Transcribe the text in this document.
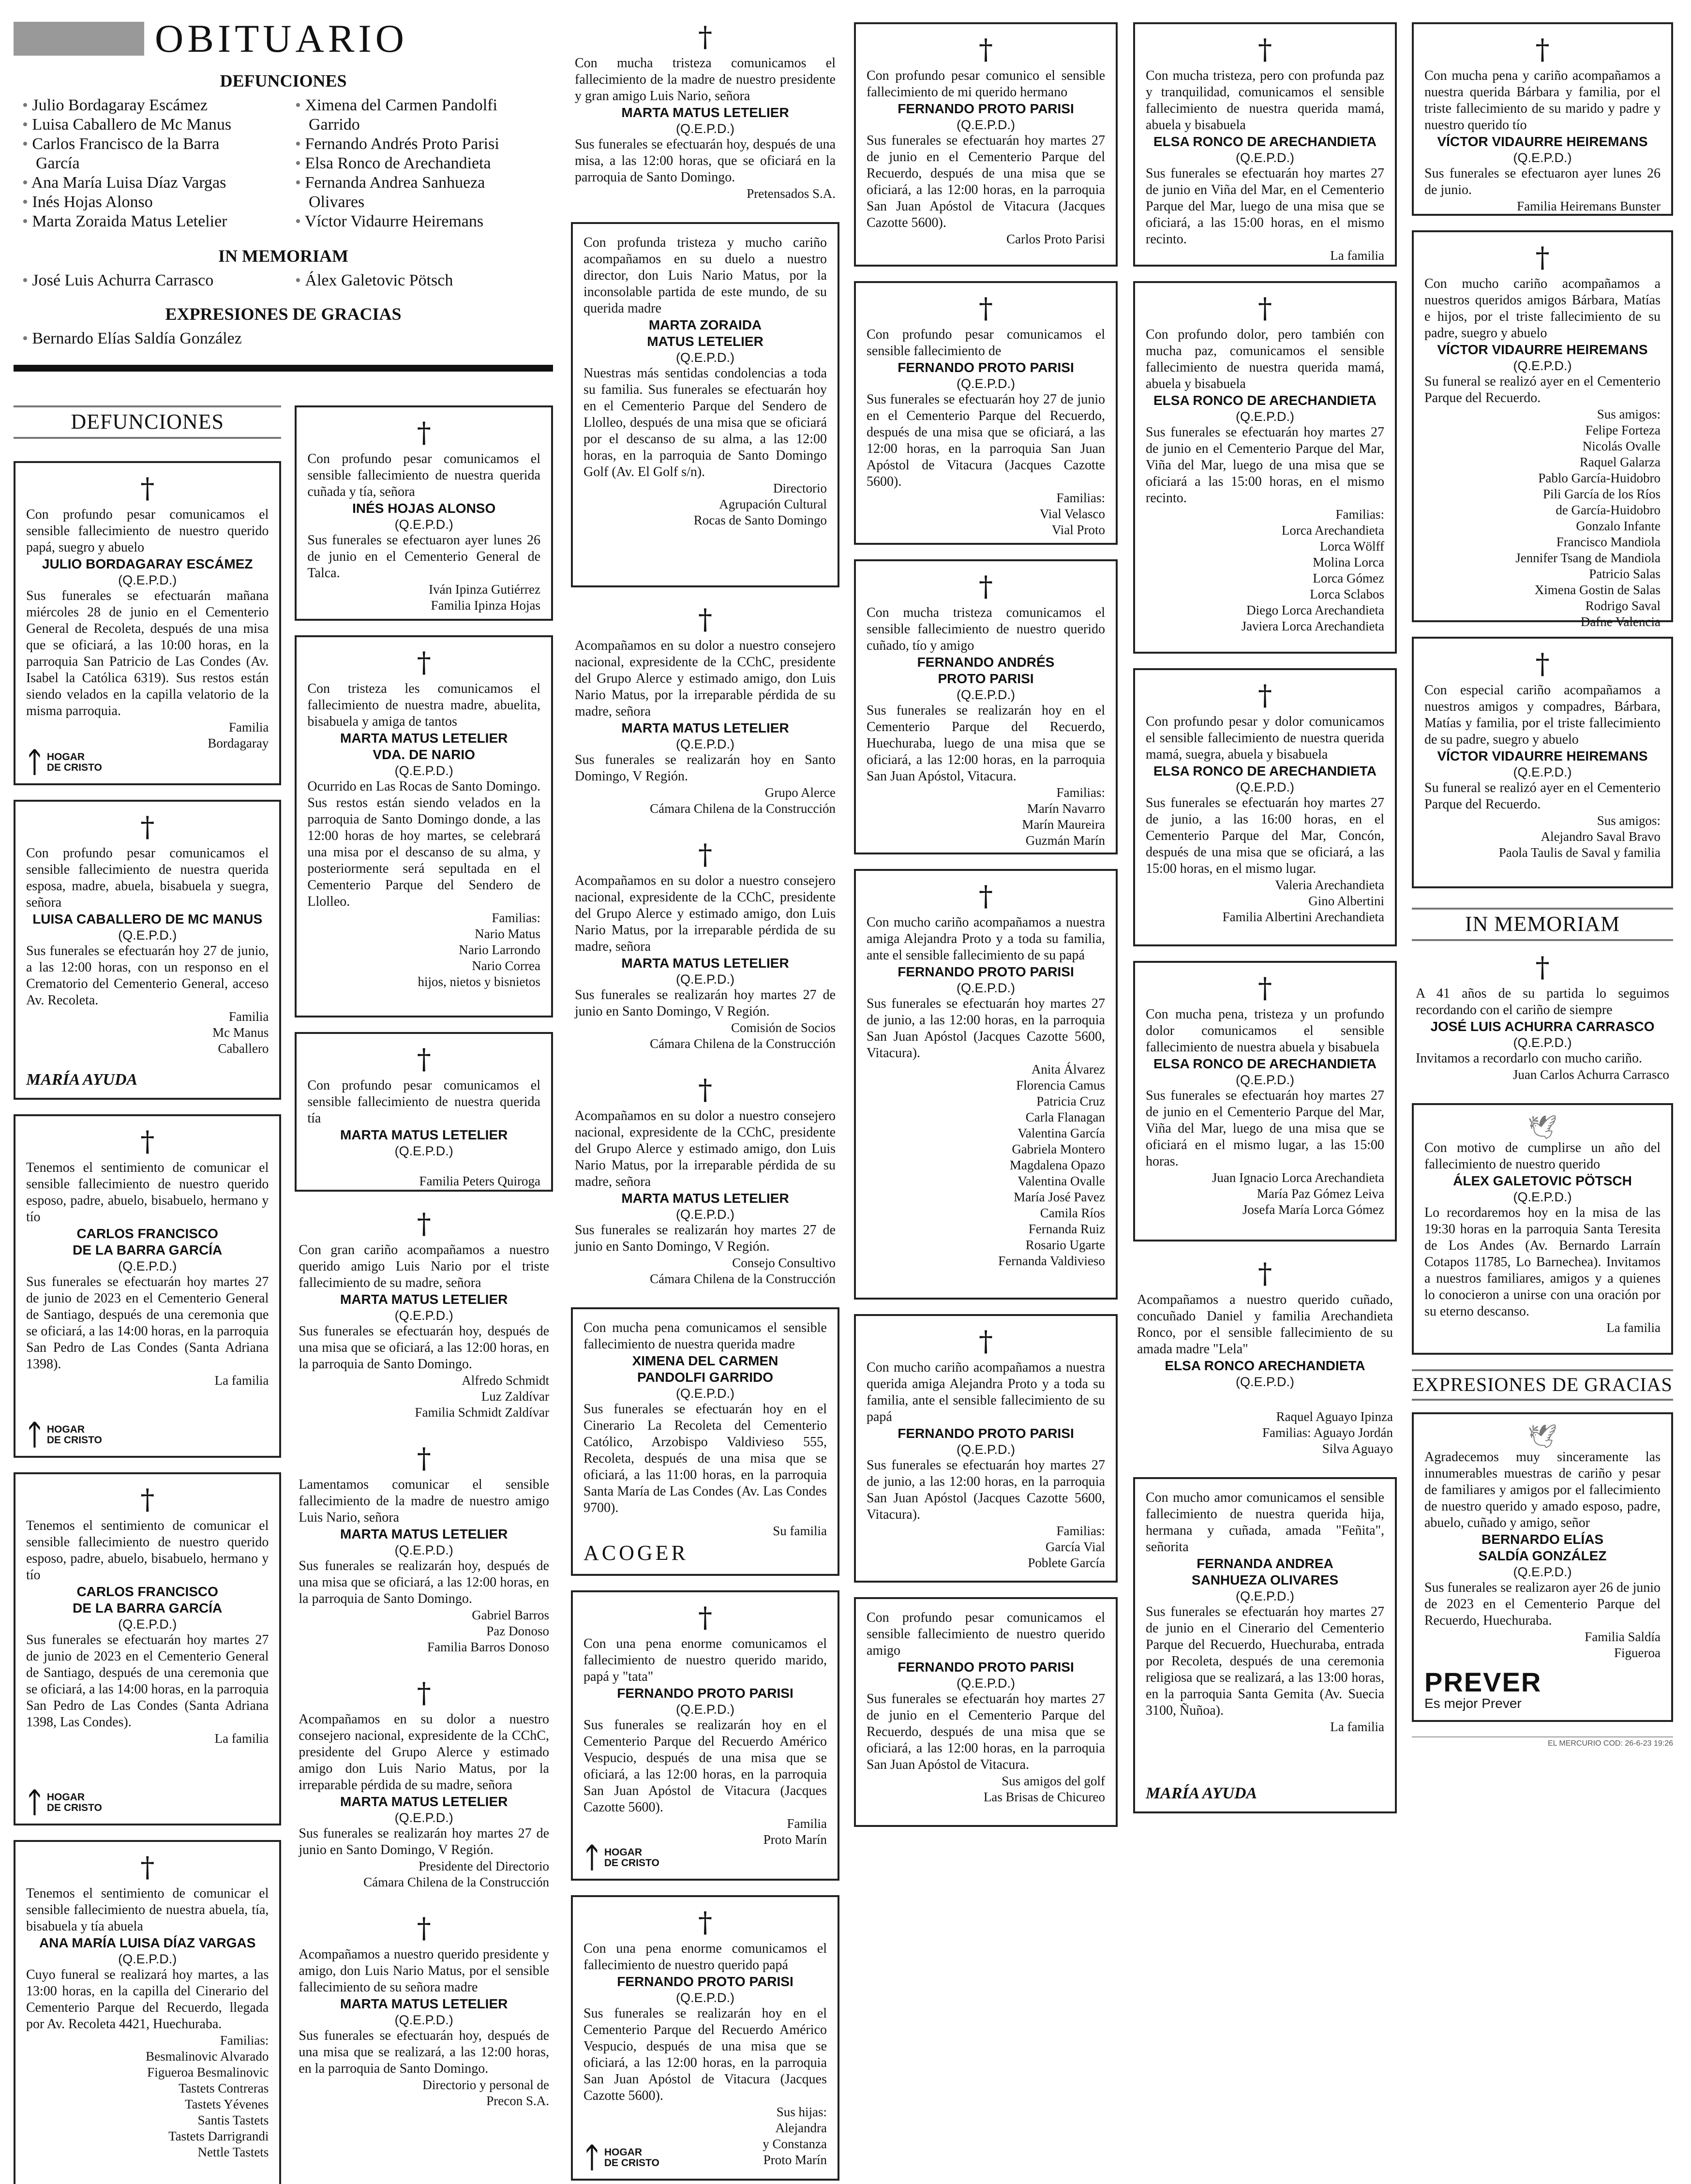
OBITUARIO
DEFUNCIONES
• Julio Bordagaray Escámez
• Luisa Caballero de Mc Manus
• Carlos Francisco de la Barra
García
• Ana María Luisa Díaz Vargas
• Inés Hojas Alonso
• Marta Zoraida Matus Letelier
• Ximena del Carmen Pandolfi
Garrido
• Fernando Andrés Proto Parisi
• Elsa Ronco de Arechandieta
• Fernanda Andrea Sanhueza
Olivares
• Víctor Vidaurre Heiremans
IN MEMORIAM
• José Luis Achurra Carrasco
•	Álex Galetovic Pötsch
EXPRESIONES DE GRACIAS
• Bernardo Elías Saldía González
DEFUNCIONES
†
Con profundo pesar comunicamos el sensible fallecimiento de nuestro querido papá, suegro y abuelo
JULIO BORDAGARAY ESCÁMEZ
(Q.E.P.D.)
Sus funerales se efectuarán mañana miércoles 28 de junio en el Cementerio General de Recoleta, después de una misa que se oficiará, a las 10:00 horas, en la parroquia San Patricio de Las Condes (Av. Isabel la Católica 6319). Sus restos están siendo velados en la capilla velatorio de la misma parroquia.
Familia
Bordagaray
ᛏ HOGAR
DE CRISTO
†
Con profundo pesar comunicamos el sensible fallecimiento de nuestra querida esposa, madre, abuela, bisabuela y suegra, señora
LUISA CABALLERO DE MC MANUS
(Q.E.P.D.)
Sus funerales se efectuarán hoy 27 de junio, a las 12:00 horas, con un responso en el Crematorio del Cementerio General, acceso Av. Recoleta.
Familia
Mc Manus
Caballero
MARÍA AYUDA
†
Tenemos el sentimiento de comunicar el sensible fallecimiento de nuestro querido esposo, padre, abuelo, bisabuelo, hermano y tío
CARLOS FRANCISCO
DE LA BARRA GARCÍA
(Q.E.P.D.)
Sus funerales se efectuarán hoy martes 27 de junio de 2023 en el Cementerio General de Santiago, después de una ceremonia que se oficiará, a las 14:00 horas, en la parroquia San Pedro de Las Condes (Santa Adriana 1398).
La familia
ᛏ HOGAR
DE CRISTO
†
Tenemos el sentimiento de comunicar el sensible fallecimiento de nuestro querido esposo, padre, abuelo, bisabuelo, hermano y tío
CARLOS FRANCISCO
DE LA BARRA GARCÍA
(Q.E.P.D.)
Sus funerales se efectuarán hoy martes 27 de junio de 2023 en el Cementerio General de Santiago, después de una ceremonia que se oficiará, a las 14:00 horas, en la parroquia San Pedro de Las Condes (Santa Adriana 1398, Las Condes).
La familia
ᛏ HOGAR
DE CRISTO
†
Tenemos el sentimiento de comunicar el sensible fallecimiento de nuestra abuela, tía, bisabuela y tía abuela
ANA MARÍA LUISA DÍAZ VARGAS
(Q.E.P.D.)
Cuyo funeral se realizará hoy martes, a las 13:00 horas, en la capilla del Cinerario del Cementerio Parque del Recuerdo, llegada por Av. Recoleta 4421, Huechuraba.
Familias:
Besmalinovic Alvarado
Figueroa Besmalinovic
Tastets Contreras
Tastets Yévenes
Santis Tastets
Tastets Darrigrandi
Nettle Tastets
†
Con profundo pesar comunicamos el sensible fallecimiento de nuestra querida cuñada y tía, señora
INÉS HOJAS ALONSO
(Q.E.P.D.)
Sus funerales se efectuaron ayer lunes 26 de junio en el Cementerio General de Talca.
Iván Ipinza Gutiérrez
Familia Ipinza Hojas
†
Con tristeza les comunicamos el fallecimiento de nuestra madre, abuelita, bisabuela y amiga de tantos
MARTA MATUS LETELIER
VDA. DE NARIO
(Q.E.P.D.)
Ocurrido en Las Rocas de Santo Domingo. Sus restos están siendo velados en la parroquia de Santo Domingo donde, a las 12:00 horas de hoy martes, se celebrará una misa por el descanso de su alma, y posteriormente será sepultada en el Cementerio Parque del Sendero de Llolleo.
Familias:
Nario Matus
Nario Larrondo
Nario Correa
hijos, nietos y bisnietos
†
Con profundo pesar comunicamos el sensible fallecimiento de nuestra querida tía
MARTA MATUS LETELIER
(Q.E.P.D.)
Familia Peters Quiroga
†
Con gran cariño acompañamos a nuestro querido amigo Luis Nario por el triste fallecimiento de su madre, señora
MARTA MATUS LETELIER
(Q.E.P.D.)
Sus funerales se efectuarán hoy, después de una misa que se oficiará, a las 12:00 horas, en la parroquia de Santo Domingo.
Alfredo Schmidt
Luz Zaldívar
Familia Schmidt Zaldívar
†
Lamentamos comunicar el sensible fallecimiento de la madre de nuestro amigo Luis Nario, señora
MARTA MATUS LETELIER
(Q.E.P.D.)
Sus funerales se realizarán hoy, después de una misa que se oficiará, a las 12:00 horas, en la parroquia de Santo Domingo.
Gabriel Barros
Paz Donoso
Familia Barros Donoso
†
Acompañamos en su dolor a nuestro consejero nacional, expresidente de la CChC, presidente del Grupo Alerce y estimado amigo don Luis Nario Matus, por la irreparable pérdida de su madre, señora
MARTA MATUS LETELIER
(Q.E.P.D.)
Sus funerales se realizarán hoy martes 27 de junio en Santo Domingo, V Región.
Presidente del Directorio
Cámara Chilena de la Construcción
†
Acompañamos a nuestro querido presidente y amigo, don Luis Nario Matus, por el sensible fallecimiento de su señora madre
MARTA MATUS LETELIER
(Q.E.P.D.)
Sus funerales se efectuarán hoy, después de una misa que se realizará, a las 12:00 horas, en la parroquia de Santo Domingo.
Directorio y personal de
Precon S.A.
†
Con mucha tristeza comunicamos el fallecimiento de la madre de nuestro presidente y gran amigo Luis Nario, señora
MARTA MATUS LETELIER
(Q.E.P.D.)
Sus funerales se efectuarán hoy, después de una misa, a las 12:00 horas, que se oficiará en la parroquia de Santo Domingo.
Pretensados S.A.
Con profunda tristeza y mucho cariño acompañamos en su duelo a nuestro director, don Luis Nario Matus, por la inconsolable partida de este mundo, de su querida madre
MARTA ZORAIDA
MATUS LETELIER
(Q.E.P.D.)
Nuestras más sentidas condolencias a toda su familia. Sus funerales se efectuarán hoy en el Cementerio Parque del Sendero de Llolleo, después de una misa que se oficiará por el descanso de su alma, a las 12:00 horas, en la parroquia de Santo Domingo Golf (Av. El Golf s/n).
Directorio
Agrupación Cultural
Rocas de Santo Domingo
†
Acompañamos en su dolor a nuestro consejero nacional, expresidente de la CChC, presidente del Grupo Alerce y estimado amigo, don Luis Nario Matus, por la irreparable pérdida de su madre, señora
MARTA MATUS LETELIER
(Q.E.P.D.)
Sus funerales se realizarán hoy en Santo Domingo, V Región.
Grupo Alerce
Cámara Chilena de la Construcción
†
Acompañamos en su dolor a nuestro consejero nacional, expresidente de la CChC, presidente del Grupo Alerce y estimado amigo, don Luis Nario Matus, por la irreparable pérdida de su madre, señora
MARTA MATUS LETELIER
(Q.E.P.D.)
Sus funerales se realizarán hoy martes 27 de junio en Santo Domingo, V Región.
Comisión de Socios
Cámara Chilena de la Construcción
†
Acompañamos en su dolor a nuestro consejero nacional, expresidente de la CChC, presidente del Grupo Alerce y estimado amigo, don Luis Nario Matus, por la irreparable pérdida de su madre, señora
MARTA MATUS LETELIER
(Q.E.P.D.)
Sus funerales se realizarán hoy martes 27 de junio en Santo Domingo, V Región.
Consejo Consultivo
Cámara Chilena de la Construcción
Con mucha pena comunicamos el sensible fallecimiento de nuestra querida madre
XIMENA DEL CARMEN
PANDOLFI GARRIDO
(Q.E.P.D.)
Sus funerales se efectuarán hoy en el Cinerario La Recoleta del Cementerio Católico, Arzobispo Valdivieso 555, Recoleta, después de una misa que se oficiará, a las 11:00 horas, en la parroquia Santa María de Las Condes (Av. Las Condes 9700).
Su familia
ACOGER
†
Con una pena enorme comunicamos el fallecimiento de nuestro querido marido, papá y "tata"
FERNANDO PROTO PARISI
(Q.E.P.D.)
Sus funerales se realizarán hoy en el Cementerio Parque del Recuerdo Américo Vespucio, después de una misa que se oficiará, a las 12:00 horas, en la parroquia San Juan Apóstol de Vitacura (Jacques Cazotte 5600).
Familia
Proto Marín
ᛏ HOGAR
DE CRISTO
†
Con una pena enorme comunicamos el fallecimiento de nuestro querido papá
FERNANDO PROTO PARISI
(Q.E.P.D.)
Sus funerales se realizarán hoy en el Cementerio Parque del Recuerdo Américo Vespucio, después de una misa que se oficiará, a las 12:00 horas, en la parroquia San Juan Apóstol de Vitacura (Jacques Cazotte 5600).
Sus hijas:
Alejandra
y Constanza
Proto Marín
ᛏ HOGAR
DE CRISTO
†
Con profundo pesar comunico el sensible fallecimiento de mi querido hermano
FERNANDO PROTO PARISI
(Q.E.P.D.)
Sus funerales se efectuarán hoy martes 27 de junio en el Cementerio Parque del Recuerdo, después de una misa que se oficiará, a las 12:00 horas, en la parroquia San Juan Apóstol de Vitacura (Jacques Cazotte 5600).
Carlos Proto Parisi
†
Con profundo pesar comunicamos el sensible fallecimiento de
FERNANDO PROTO PARISI
(Q.E.P.D.)
Sus funerales se efectuarán hoy 27 de junio en el Cementerio Parque del Recuerdo, después de una misa que se oficiará, a las 12:00 horas, en la parroquia San Juan Apóstol de Vitacura (Jacques Cazotte 5600).
Familias:
Vial Velasco
Vial Proto
†
Con mucha tristeza comunicamos el sensible fallecimiento de nuestro querido cuñado, tío y amigo
FERNANDO ANDRÉS
PROTO PARISI
(Q.E.P.D.)
Sus funerales se realizarán hoy en el Cementerio Parque del Recuerdo, Huechuraba, luego de una misa que se oficiará, a las 12:00 horas, en la parroquia San Juan Apóstol, Vitacura.
Familias:
Marín Navarro
Marín Maureira
Guzmán Marín
†
Con mucho cariño acompañamos a nuestra amiga Alejandra Proto y a toda su familia, ante el sensible fallecimiento de su papá
FERNANDO PROTO PARISI
(Q.E.P.D.)
Sus funerales se efectuarán hoy martes 27 de junio, a las 12:00 horas, en la parroquia San Juan Apóstol (Jacques Cazotte 5600, Vitacura).
Anita Álvarez
Florencia Camus
Patricia Cruz
Carla Flanagan
Valentina García
Gabriela Montero
Magdalena Opazo
Valentina Ovalle
María José Pavez
Camila Ríos
Fernanda Ruiz
Rosario Ugarte
Fernanda Valdivieso
†
Con mucho cariño acompañamos a nuestra querida amiga Alejandra Proto y a toda su familia, ante el sensible fallecimiento de su papá
FERNANDO PROTO PARISI
(Q.E.P.D.)
Sus funerales se efectuarán hoy martes 27 de junio, a las 12:00 horas, en la parroquia San Juan Apóstol (Jacques Cazotte 5600, Vitacura).
Familias:
García Vial
Poblete García
Con profundo pesar comunicamos el sensible fallecimiento de nuestro querido amigo
FERNANDO PROTO PARISI
(Q.E.P.D.)
Sus funerales se efectuarán hoy martes 27 de junio en el Cementerio Parque del Recuerdo, después de una misa que se oficiará, a las 12:00 horas, en la parroquia San Juan Apóstol de Vitacura.
Sus amigos del golf
Las Brisas de Chicureo
†
Con mucha tristeza, pero con profunda paz y tranquilidad, comunicamos el sensible fallecimiento de nuestra querida mamá, abuela y bisabuela
ELSA RONCO DE ARECHANDIETA
(Q.E.P.D.)
Sus funerales se efectuarán hoy martes 27 de junio en Viña del Mar, en el Cementerio Parque del Mar, luego de una misa que se oficiará, a las 15:00 horas, en el mismo recinto.
La familia
†
Con profundo dolor, pero también con mucha paz, comunicamos el sensible fallecimiento de nuestra querida mamá, abuela y bisabuela
ELSA RONCO DE ARECHANDIETA
(Q.E.P.D.)
Sus funerales se efectuarán hoy martes 27 de junio en el Cementerio Parque del Mar, Viña del Mar, luego de una misa que se oficiará a las 15:00 horas, en el mismo recinto.
Familias:
Lorca Arechandieta
Lorca Wölff
Molina Lorca
Lorca Gómez
Lorca Sclabos
Diego Lorca Arechandieta
Javiera Lorca Arechandieta
†
Con profundo pesar y dolor comunicamos el sensible fallecimiento de nuestra querida mamá, suegra, abuela y bisabuela
ELSA RONCO DE ARECHANDIETA
(Q.E.P.D.)
Sus funerales se efectuarán hoy martes 27 de junio, a las 16:00 horas, en el Cementerio Parque del Mar, Concón, después de una misa que se oficiará, a las 15:00 horas, en el mismo lugar.
Valeria Arechandieta
Gino Albertini
Familia Albertini Arechandieta
†
Con mucha pena, tristeza y un profundo dolor comunicamos el sensible fallecimiento de nuestra abuela y bisabuela
ELSA RONCO DE ARECHANDIETA
(Q.E.P.D.)
Sus funerales se efectuarán hoy martes 27 de junio en el Cementerio Parque del Mar, Viña del Mar, luego de una misa que se oficiará en el mismo lugar, a las 15:00 horas.
Juan Ignacio Lorca Arechandieta
María Paz Gómez Leiva
Josefa María Lorca Gómez
†
Acompañamos a nuestro querido cuñado, concuñado Daniel y familia Arechandieta Ronco, por el sensible fallecimiento de su amada madre "Lela"
ELSA RONCO ARECHANDIETA
(Q.E.P.D.)
Raquel Aguayo Ipinza
Familias: Aguayo Jordán
Silva Aguayo
Con mucho amor comunicamos el sensible fallecimiento de nuestra querida hija, hermana y cuñada, amada "Feñita", señorita
FERNANDA ANDREA
SANHUEZA OLIVARES
(Q.E.P.D.)
Sus funerales se efectuarán hoy martes 27 de junio en el Cinerario del Cementerio Parque del Recuerdo, Huechuraba, entrada por Recoleta, después de una ceremonia religiosa que se realizará, a las 13:00 horas, en la parroquia Santa Gemita (Av. Suecia 3100, Ñuñoa).
La familia
MARÍA AYUDA
†
Con mucha pena y cariño acompañamos a nuestra querida Bárbara y familia, por el triste fallecimiento de su marido y padre y nuestro querido tío
VÍCTOR VIDAURRE HEIREMANS
(Q.E.P.D.)
Sus funerales se efectuaron ayer lunes 26 de junio.
Familia Heiremans Bunster
†
Con mucho cariño acompañamos a nuestros queridos amigos Bárbara, Matías e hijos, por el triste fallecimiento de su padre, suegro y abuelo
VÍCTOR VIDAURRE HEIREMANS
(Q.E.P.D.)
Su funeral se realizó ayer en el Cementerio Parque del Recuerdo.
Sus amigos:
Felipe Forteza
Nicolás Ovalle
Raquel Galarza
Pablo García-Huidobro
Pili García de los Ríos
de García-Huidobro
Gonzalo Infante
Francisco Mandiola
Jennifer Tsang de Mandiola
Patricio Salas
Ximena Gostin de Salas
Rodrigo Saval
Dafne Valencia
†
Con especial cariño acompañamos a nuestros amigos y compadres, Bárbara, Matías y familia, por el triste fallecimiento de su padre, suegro y abuelo
VÍCTOR VIDAURRE HEIREMANS
(Q.E.P.D.)
Su funeral se realizó ayer en el Cementerio Parque del Recuerdo.
Sus amigos:
Alejandro Saval Bravo
Paola Taulis de Saval y familia
IN MEMORIAM
†
A 41 años de su partida lo seguimos recordando con el cariño de siempre
JOSÉ LUIS ACHURRA CARRASCO
(Q.E.P.D.)
Invitamos a recordarlo con mucho cariño.
Juan Carlos Achurra Carrasco
🕊
Con motivo de cumplirse un año del fallecimiento de nuestro querido
ÁLEX GALETOVIC PÖTSCH
(Q.E.P.D.)
Lo recordaremos hoy en la misa de las 19:30 horas en la parroquia Santa Teresita de Los Andes (Av. Bernardo Larraín Cotapos 11785, Lo Barnechea). Invitamos a nuestros familiares, amigos y a quienes lo conocieron a unirse con una oración por su eterno descanso.
La familia
EXPRESIONES DE GRACIAS
🕊
Agradecemos muy sinceramente las innumerables muestras de cariño y pesar de familiares y amigos por el fallecimiento de nuestro querido y amado esposo, padre, abuelo, cuñado y amigo, señor
BERNARDO ELÍAS
SALDÍA GONZÁLEZ
(Q.E.P.D.)
Sus funerales se realizaron ayer 26 de junio de 2023 en el Cementerio Parque del Recuerdo, Huechuraba.
Familia Saldía
Figueroa
PREVER
Es mejor Prever
EL MERCURIO COD: 26-6-23 19:26
